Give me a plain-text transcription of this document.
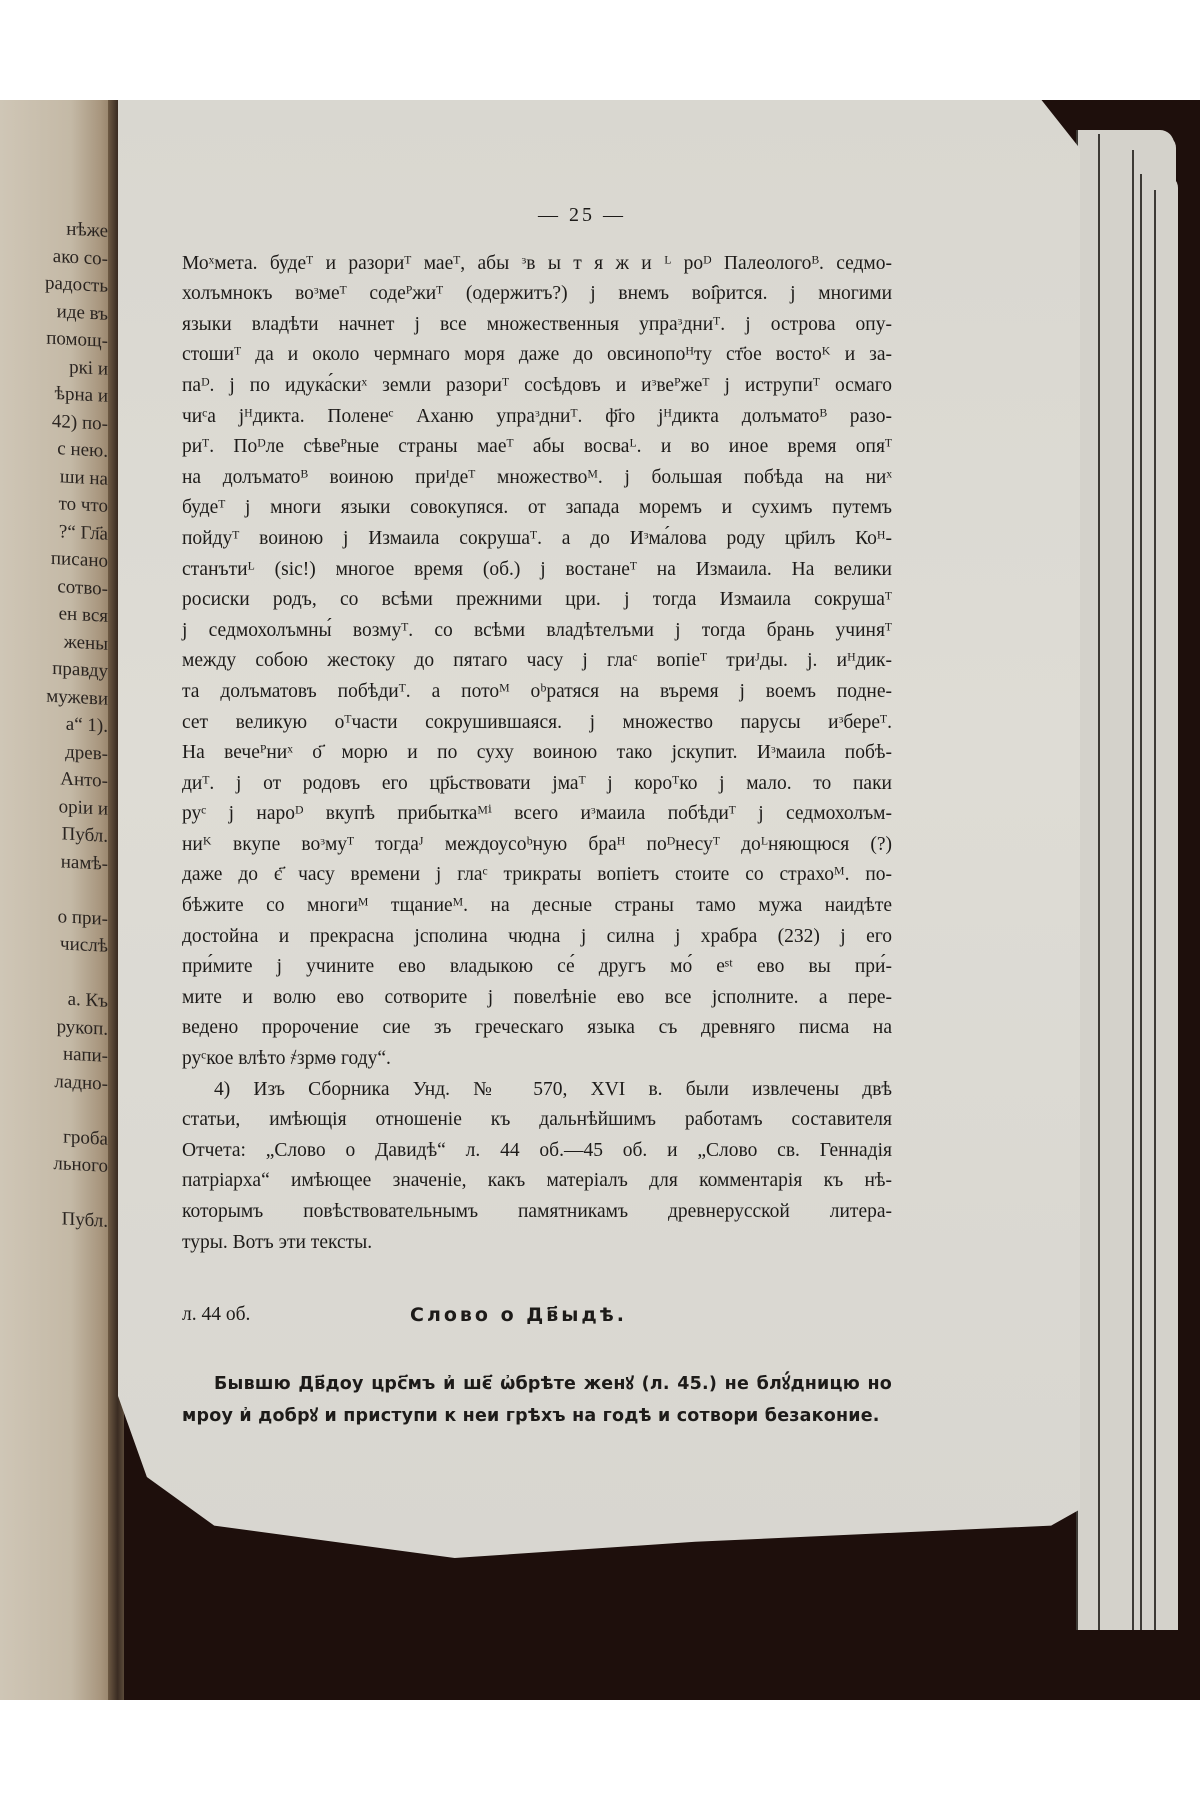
нѣже
ако со-
радость
иде въ
помощ-
ркі и
ѣрна и
42) по-
с нею.
ши на
то что
?“ Гл҃а
писано
сотво-
ен вся
жены
правду
мужеви
а“ 1).
древ-
Анто-
оріи и
Публ.
намѣ-

о при-
числѣ

а. Къ
рукоп.
напи-
ладно-

гроба
льного

Публ.
— 25 —
Моˣмета. будеᵀ и разориᵀ маеᵀ, абы ᶟв ы т я ж и ᴸ роᴰ Палеологоᴮ. седмо-
холъмнокъ воᶟмеᵀ содеᴾжиᵀ (одержитъ?) ј внемъ воі̑рится. ј многими
языки владѣти начнет ј все множественныя упраᶟдниᵀ. ј острова опу-
стошиᵀ да и около чермнаго моря даже до овсинопоᴴту ст҃ое востоᴷ и за-
паᴰ. ј по идука́скиˣ земли разориᵀ сосѣдовъ и иᶟвеᴾжеᵀ ј иструпиᵀ осмаго
чиᶜa јᴴдикта. Поленеᶜ Аханю упраᶟдниᵀ. ф҃го јᴴдикта долъматоᴮ разо-
риᵀ. Поᴰле сѣвеᴾные страны маеᵀ абы восваᴸ. и во иное время опяᵀ
на долъматоᴮ воиною приᴵдеᵀ множествоᴹ. ј большая побѣда на ниˣ
будеᵀ ј многи языки совокупяся. от запада моремъ и сухимъ путемъ
пойдуᵀ воиною ј Измаила сокрушаᵀ. а до Иᶟма́лова роду цр҃илъ Коᴴ-
станътиᴸ (sic!) многое время (об.) ј востанеᵀ на Измаила. На велики
росиски родъ, со всѣми прежними цри. ј тогда Измаила сокрушаᵀ
ј седмохолъмны́ возмуᵀ. со всѣми владѣтелъми ј тогда брань учиняᵀ
между собою жестоку до пятаго часу ј глаᶜ вопіеᵀ триᴶды. ј. иᴴдик-
та долъматовъ побѣдиᵀ. а потоᴹ оᵇратяся на въремя ј воемъ подне-
сет великую оᵀчасти сокрушившаяся. ј множество парусы иᶟбереᵀ.
На вечеᴾниˣ о҃ морю и по суху воиною тако јскупит. Иᶟмаила побѣ-
диᵀ. ј от родовъ его цр҃ьствовати јмаᵀ ј короᵀко ј мало. то паки
руᶜ ј нароᴰ вкупѣ прибыткаᴹⁱ всего иᶟмаила побѣдиᵀ ј седмохолъм-
ниᴷ вкупе воᶟмуᵀ тогдаᴶ междоусоᵇную браᴴ поᴰнесуᵀ доᴸняющюся (?)
даже до є҃ часу времени ј глаᶜ трикраты вопіетъ стоите со страхоᴹ. по-
бѣжите со многиᴹ тщаниеᴹ. на десные страны тамо мужа наидѣте
достойна и прекрасна јсполина чюдна ј силна ј храбра (232) ј его
при́мите ј учините ево владыкою се́ другъ мо́ еˢᵗ ево вы при́-
мите и волю ево сотворите ј повелѣніе ево все јсполните. а пере-
ведено пророчение сие зъ греческаго языка съ древняго писма на
руᶜкое влѣто ҂зрмѳ году“.
4) Изъ Сборника Унд. № 570, XVI в. были извлечены двѣ
статьи, имѣющія отношеніе къ дальнѣйшимъ работамъ составителя
Отчета: „Слово о Давидѣ“ л. 44 об.—45 об. и „Слово св. Геннадія
патріарха“ имѣющее значеніе, какъ матеріалъ для комментарія къ нѣ-
которымъ повѣствовательнымъ памятникамъ древнерусской литера-
туры. Вотъ эти тексты.
л. 44 об.	Слово о Дв҃ыдѣ.
Бывшю Дв҃доу црс҃мъ и҆ шє҃ ѡ҆брѣте женꙋ (л. 45.) не блꙋ́дницю но
мроу и҆ добрꙋ и приступи к неи грѣхъ на годѣ и сотвори безаконие.
